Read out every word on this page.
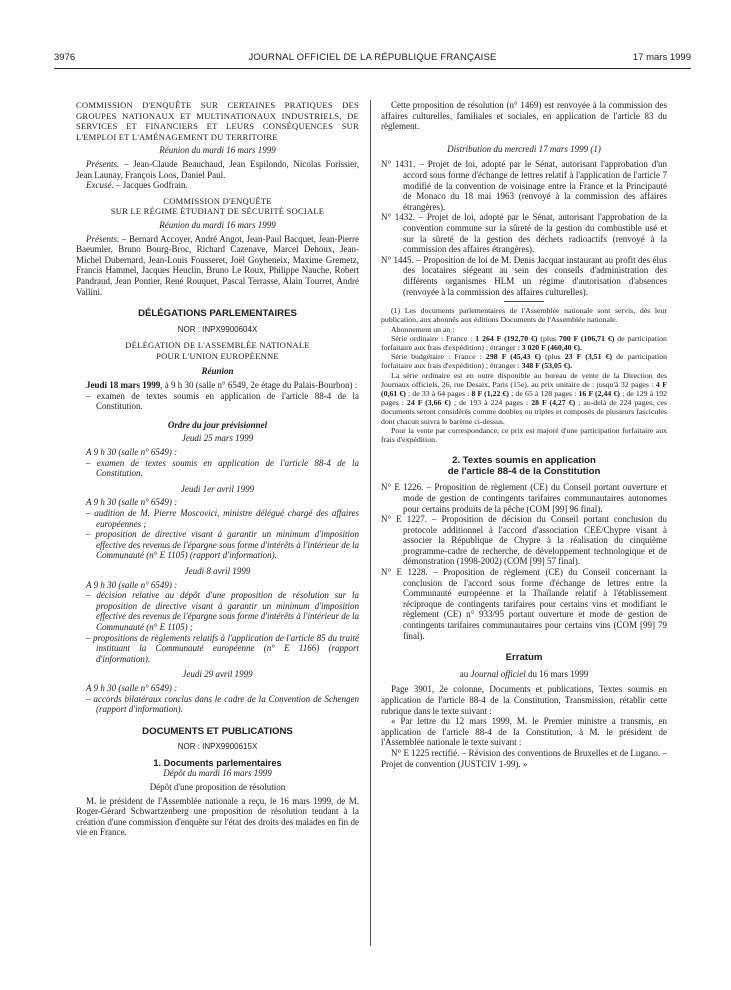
3976	JOURNAL OFFICIEL DE LA RÉPUBLIQUE FRANÇAISE	17 mars 1999

COMMISSION D'ENQUÊTE SUR CERTAINES PRATIQUES DES GROUPES NATIONAUX ET MULTINATIONAUX INDUSTRIELS, DE SERVICES ET FINANCIERS ET LEURS CONSÉQUENCES SUR L'EMPLOI ET L'AMÉNAGEMENT DU TERRITOIRE

Réunion du mardi 16 mars 1999

Présents. – Jean-Claude Beauchaud, Jean Espilondo, Nicolas Forissier, Jean Launay, François Loos, Daniel Paul.

Excusé. – Jacques Godfrain.

COMMISSION D'ENQUÊTE

SUR LE RÉGIME ÉTUDIANT DE SÉCURITÉ SOCIALE

Réunion du mardi 16 mars 1999

Présents. – Bernard Accoyer, André Angot, Jean-Paul Bacquet, Jean-Pierre Baeumler, Bruno Bourg-Broc, Richard Cazenave, Marcel Dehoux, Jean-Michel Dubernard, Jean-Louis Fousseret, Joël Goyheneix, Maxime Gremetz, Francis Hammel, Jacques Heuclin, Bruno Le Roux, Philippe Nauche, Robert Pandraud, Jean Pontier, René Rouquet, Pascal Terrasse, Alain Tourret, André Vallini.

DÉLÉGATIONS PARLEMENTAIRES

NOR : INPX9900604X

DÉLÉGATION DE L'ASSEMBLÉE NATIONALE

POUR L'UNION EUROPÉENNE

Réunion

Jeudi 18 mars 1999, à 9 h 30 (salle n° 6549, 2e étage du Palais-Bourbon) :

– examen de textes soumis en application de l'article 88-4 de la Constitution.

Ordre du jour prévisionnel

Jeudi 25 mars 1999

A 9 h 30 (salle n° 6549) :

– examen de textes soumis en application de l'article 88-4 de la Constitution.

Jeudi 1er avril 1999

A 9 h 30 (salle n° 6549) :

– audition de M. Pierre Moscovici, ministre délégué chargé des affaires européennes ;

– proposition de directive visant à garantir un minimum d'imposition effective des revenus de l'épargne sous forme d'intérêts à l'intérieur de la Communauté (n° E 1105) (rapport d'information).

Jeudi 8 avril 1999

A 9 h 30 (salle n° 6549) :

– décision relative au dépôt d'une proposition de résolution sur la proposition de directive visant à garantir un minimum d'imposition effective des revenus de l'épargne sous forme d'intérêts à l'intérieur de la Communauté (n° E 1105) ;

– propositions de règlements relatifs à l'application de l'article 85 du traité instituant la Communauté européenne (n° E 1166) (rapport d'information).

Jeudi 29 avril 1999

A 9 h 30 (salle n° 6549) :

– accords bilatéraux conclus dans le cadre de la Convention de Schengen (rapport d'information).

DOCUMENTS ET PUBLICATIONS

NOR : INPX9900615X

1. Documents parlementaires

Dépôt du mardi 16 mars 1999

Dépôt d'une proposition de résolution

M. le président de l'Assemblée nationale a reçu, le 16 mars 1999, de M. Roger-Gérard Schwartzenberg une proposition de résolution tendant à la création d'une commission d'enquête sur l'état des droits des malades en fin de vie en France.

Cette proposition de résolution (n° 1469) est renvoyée à la commission des affaires culturelles, familiales et sociales, en application de l'article 83 du règlement.

Distribution du mercredi 17 mars 1999 (1)

N° 1431. – Projet de loi, adopté par le Sénat, autorisant l'approbation d'un accord sous forme d'échange de lettres relatif à l'application de l'article 7 modifié de la convention de voisinage entre la France et la Principauté de Monaco du 18 mai 1963 (renvoyé à la commission des affaires étrangères).

N° 1432. – Projet de loi, adopté par le Sénat, autorisant l'approbation de la convention commune sur la sûreté de la gestion du combustible usé et sur la sûreté de la gestion des déchets radioactifs (renvoyé à la commission des affaires étrangères).

N° 1445. – Proposition de loi de M. Denis Jacquat instaurant au profit des élus des locataires siégeant au sein des conseils d'administration des différents organismes HLM un régime d'autorisation d'absences (renvoyée à la commission des affaires culturelles).

(1) Les documents parlementaires de l'Assemblée nationale sont servis, dès leur publication, aux abonnés aux éditions Documents de l'Assemblée nationale.

Abonnement un an :

Série ordinaire : France : 1 264 F (192,70 €) (plus 700 F (106,71 €) de participation forfaitaire aux frais d'expédition) ; étranger : 3 020 F (460,40 €).

Série budgétaire : France : 298 F (45,43 €) (plus 23 F (3,51 €) de participation forfaitaire aux frais d'expédition) ; étranger : 348 F (53,05 €).

La série ordinaire est en outre disponible au bureau de vente de la Direction des Journaux officiels, 26, rue Desaix, Paris (15e), au prix unitaire de : jusqu'à 32 pages : 4 F (0,61 €) ; de 33 à 64 pages : 8 F (1,22 €) ; de 65 à 128 pages : 16 F (2,44 €) ; de 129 à 192 pages : 24 F (3,66 €) ; de 193 à 224 pages : 28 F (4,27 €) ; au-delà de 224 pages, ces documents seront considérés comme doubles ou triples et composés de plusieurs fascicules dont chacun suivra le barème ci-dessus.

Pour la vente par correspondance, ce prix est majoré d'une participation forfaitaire aux frais d'expédition.

2. Textes soumis en application

de l'article 88-4 de la Constitution

N° E 1226. – Proposition de règlement (CE) du Conseil portant ouverture et mode de gestion de contingents tarifaires communautaires autonomes pour certains produits de la pêche (COM [99] 96 final).

N° E 1227. – Proposition de décision du Conseil portant conclusion du protocole additionnel à l'accord d'association CEE/Chypre visant à associer la République de Chypre à la réalisation du cinquième programme-cadre de recherche, de développement technologique et de démonstration (1998-2002) (COM [99] 57 final).

N° E 1228. – Proposition de règlement (CE) du Conseil concernant la conclusion de l'accord sous forme d'échange de lettres entre la Communauté européenne et la Thaïlande relatif à l'établissement réciproque de contingents tarifaires pour certains vins et modifiant le règlement (CE) n° 933/95 portant ouverture et mode de gestion de contingents tarifaires communautaires pour certains vins (COM [99] 79 final).

Erratum

au Journal officiel du 16 mars 1999

Page 3901, 2e colonne, Documents et publications, Textes soumis en application de l'article 88-4 de la Constitution, Transmission, rétablir cette rubrique dans le texte suivant :

« Par lettre du 12 mars 1999, M. le Premier ministre a transmis, en application de l'article 88-4 de la Constitution, à M. le président de l'Assemblée nationale le texte suivant :

N° E 1225 rectifié. – Révision des conventions de Bruxelles et de Lugano. – Projet de convention (JUSTCIV 1-99). »
